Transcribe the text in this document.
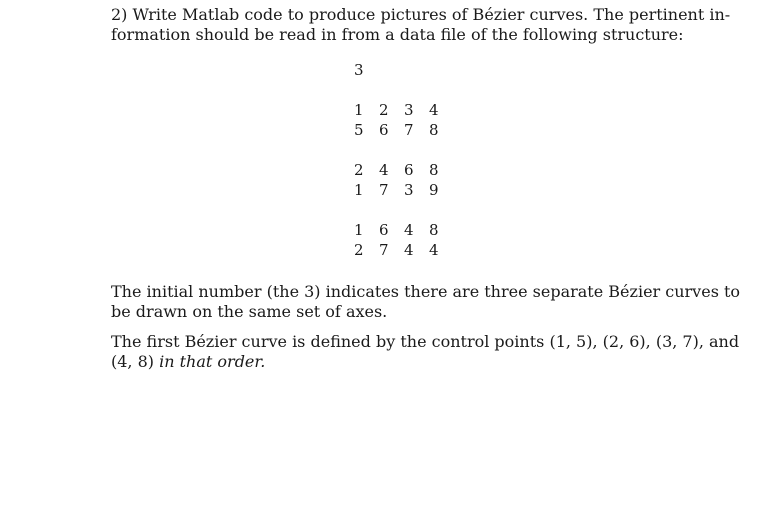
2) Write Matlab code to produce pictures of Bézier curves. The pertinent in-
formation should be read in from a data file of the following structure:

3
1 2 3 4
5 6 7 8
2 4 6 8
1 7 3 9
1 6 4 8
2 7 4 4

The initial number (the 3) indicates there are three separate Bézier curves to
be drawn on the same set of axes.

The first Bézier curve is defined by the control points (1, 5), (2, 6), (3, 7), and
(4, 8) in that order.
